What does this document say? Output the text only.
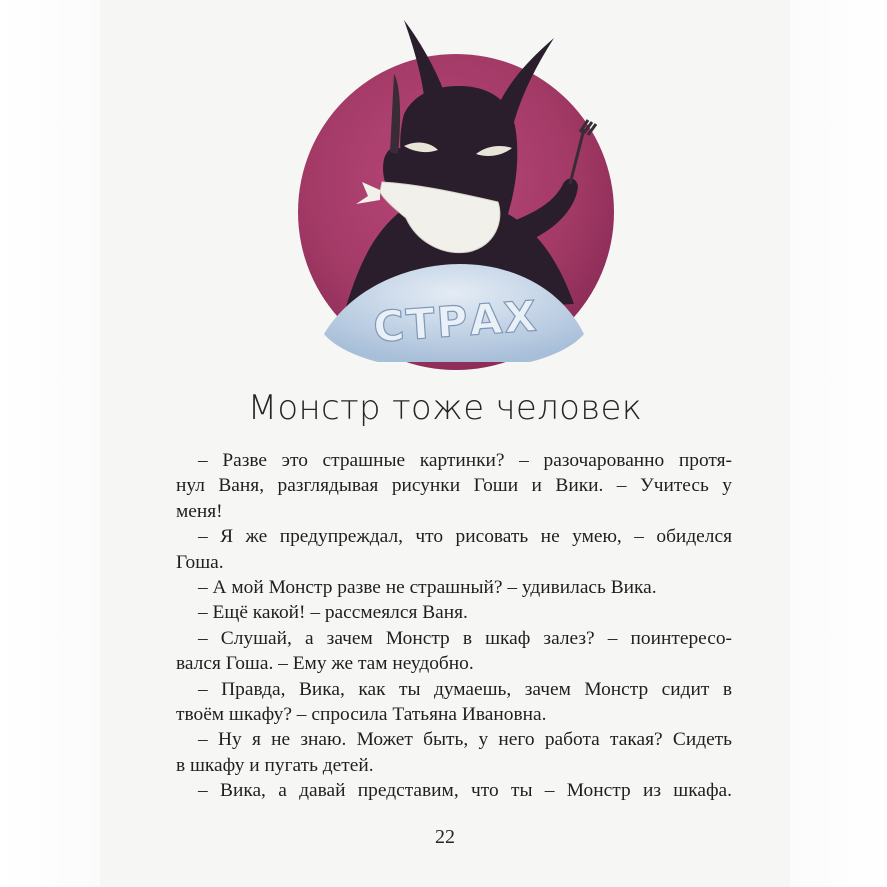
СТРАХ
Монстр тоже человек
– Разве это страшные картинки? – разочарованно протя-
нул Ваня, разглядывая рисунки Гоши и Вики. – Учитесь у
меня!
– Я же предупреждал, что рисовать не умею, – обиделся
Гоша.
– А мой Монстр разве не страшный? – удивилась Вика.
– Ещё какой! – рассмеялся Ваня.
– Слушай, а зачем Монстр в шкаф залез? – поинтересо-
вался Гоша. – Ему же там неудобно.
– Правда, Вика, как ты думаешь, зачем Монстр сидит в
твоём шкафу? – спросила Татьяна Ивановна.
– Ну я не знаю. Может быть, у него работа такая? Сидеть
в шкафу и пугать детей.
– Вика, а давай представим, что ты – Монстр из шкафа.
22
